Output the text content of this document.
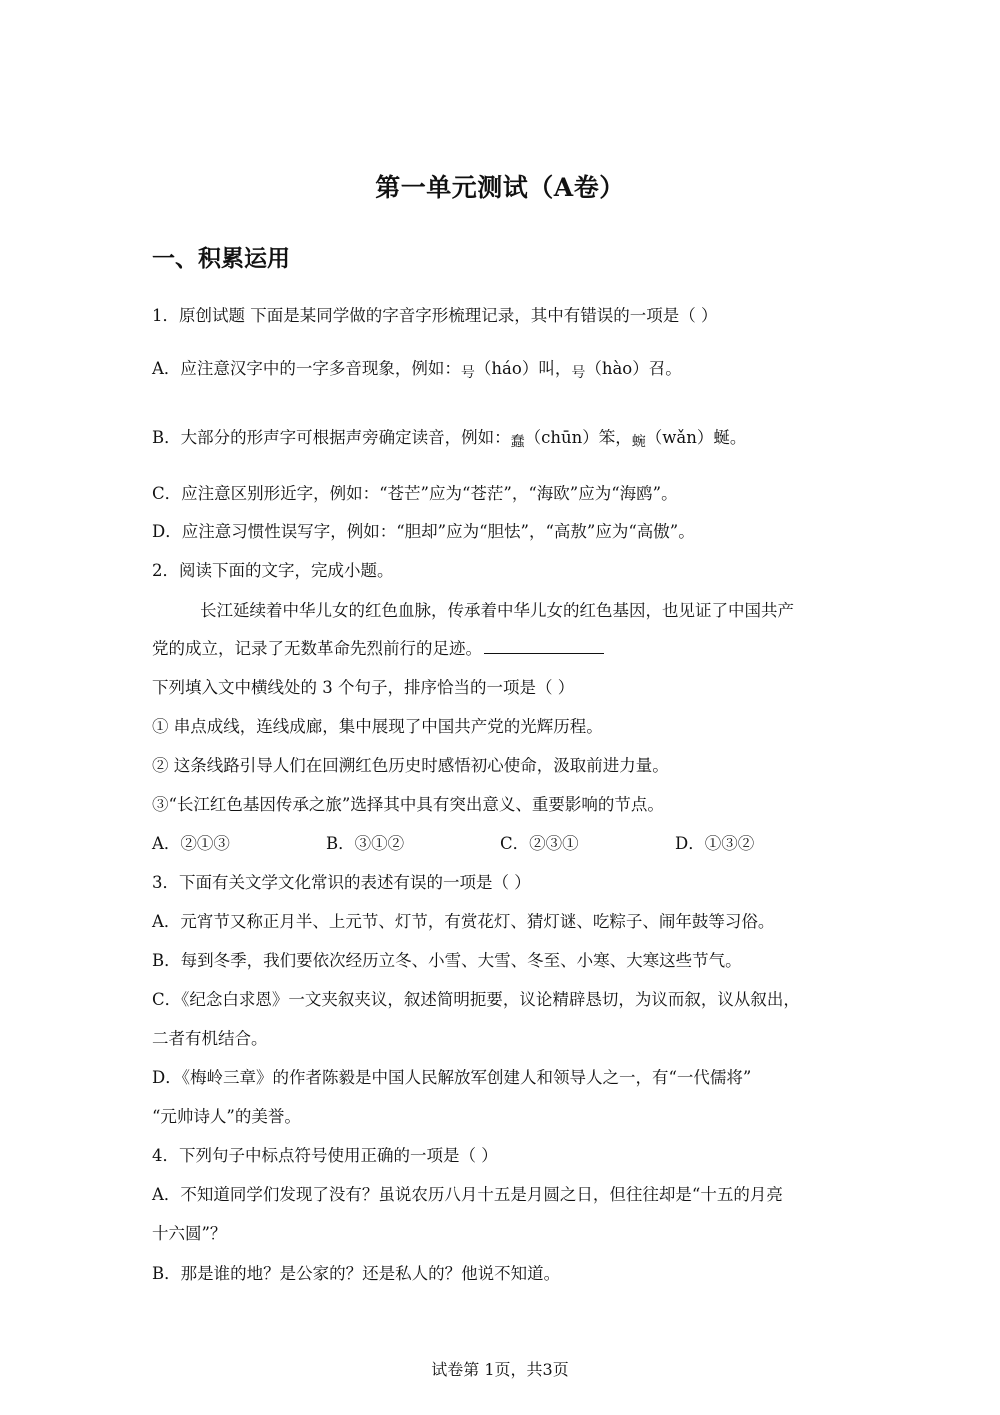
第一单元测试（A卷）
一、积累运用
1．原创试题 下面是某同学做的字音字形梳理记录，其中有错误的一项是（ ）
A．应注意汉字中的一字多音现象，例如：号（háo）叫，号（hào）召。
B．大部分的形声字可根据声旁确定读音，例如：蠢（chūn）笨，蜿（wǎn）蜒。
C．应注意区别形近字，例如：“苍芒”应为“苍茫”，“海欧”应为“海鸥”。
D．应注意习惯性误写字，例如：“胆却”应为“胆怯”，“高敖”应为“高傲”。
2．阅读下面的文字，完成小题。
长江延续着中华儿女的红色血脉，传承着中华儿女的红色基因，也见证了中国共产
党的成立，记录了无数革命先烈前行的足迹。
下列填入文中横线处的 3 个句子，排序恰当的一项是（ ）
① 串点成线，连线成廊，集中展现了中国共产党的光辉历程。
② 这条线路引导人们在回溯红色历史时感悟初心使命，汲取前进力量。
③“长江红色基因传承之旅”选择其中具有突出意义、重要影响的节点。
A．②①③	B．③①②	C．②③①	D．①③②
3．下面有关文学文化常识的表述有误的一项是（ ）
A．元宵节又称正月半、上元节、灯节，有赏花灯、猜灯谜、吃粽子、闹年鼓等习俗。
B．每到冬季，我们要依次经历立冬、小雪、大雪、冬至、小寒、大寒这些节气。
C．《纪念白求恩》一文夹叙夹议，叙述简明扼要，议论精辟恳切，为议而叙，议从叙出，
二者有机结合。
D．《梅岭三章》的作者陈毅是中国人民解放军创建人和领导人之一，有“一代儒将”
“元帅诗人”的美誉。
4．下列句子中标点符号使用正确的一项是（ ）
A．不知道同学们发现了没有？虽说农历八月十五是月圆之日，但往往却是“十五的月亮
十六圆”？
B．那是谁的地？是公家的？还是私人的？他说不知道。
试卷第 1页，共3页
